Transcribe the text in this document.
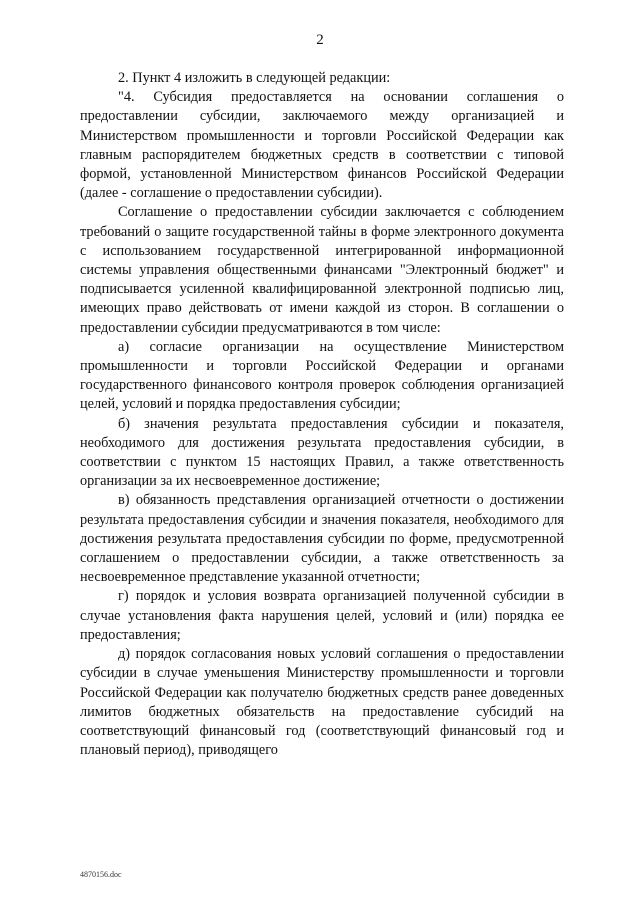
2

2. Пункт 4 изложить в следующей редакции:

"4. Субсидия предоставляется на основании соглашения о предоставлении субсидии, заключаемого между организацией и Министерством промышленности и торговли Российской Федерации как главным распорядителем бюджетных средств в соответствии с типовой формой, установленной Министерством финансов Российской Федерации (далее - соглашение о предоставлении субсидии).

Соглашение о предоставлении субсидии заключается с соблюдением требований о защите государственной тайны в форме электронного документа с использованием государственной интегрированной информационной системы управления общественными финансами "Электронный бюджет" и подписывается усиленной квалифицированной электронной подписью лиц, имеющих право действовать от имени каждой из сторон. В соглашении о предоставлении субсидии предусматриваются в том числе:

а) согласие организации на осуществление Министерством промышленности и торговли Российской Федерации и органами государственного финансового контроля проверок соблюдения организацией целей, условий и порядка предоставления субсидии;

б) значения результата предоставления субсидии и показателя, необходимого для достижения результата предоставления субсидии, в соответствии с пунктом 15 настоящих Правил, а также ответственность организации за их несвоевременное достижение;

в) обязанность представления организацией отчетности о достижении результата предоставления субсидии и значения показателя, необходимого для достижения результата предоставления субсидии по форме, предусмотренной соглашением о предоставлении субсидии, а также ответственность за несвоевременное представление указанной отчетности;

г) порядок и условия возврата организацией полученной субсидии в случае установления факта нарушения целей, условий и (или) порядка ее предоставления;

д) порядок согласования новых условий соглашения о предоставлении субсидии в случае уменьшения Министерству промышленности и торговли Российской Федерации как получателю бюджетных средств ранее доведенных лимитов бюджетных обязательств на предоставление субсидий на соответствующий финансовый год (соответствующий финансовый год и плановый период), приводящего

4870156.doc
